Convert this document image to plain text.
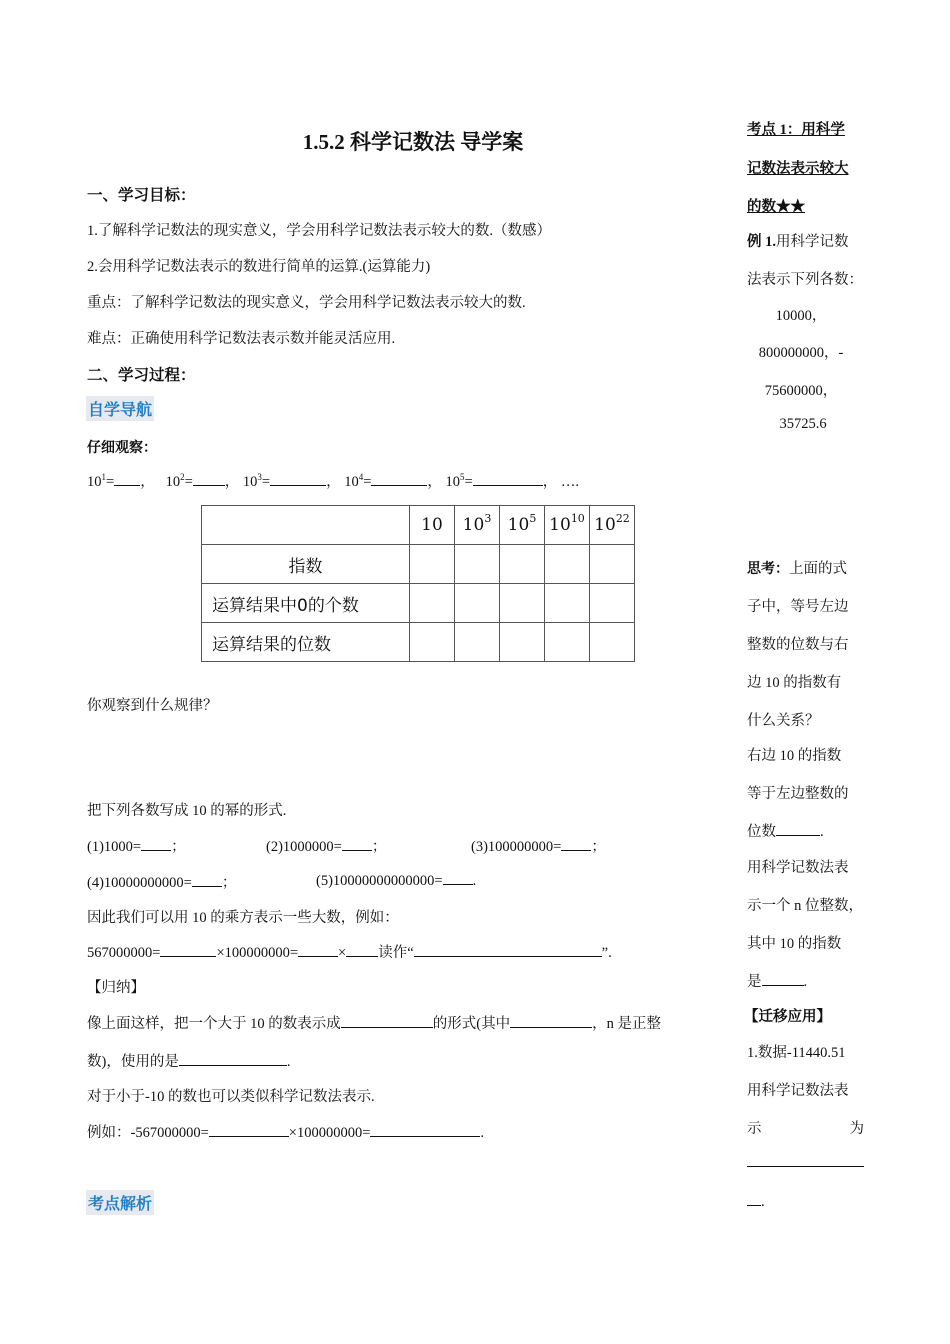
1.5.2 科学记数法 导学案
一、学习目标：
1.了解科学记数法的现实意义，学会用科学记数法表示较大的数.（数感）
2.会用科学记数法表示的数进行简单的运算.(运算能力)
重点：了解科学记数法的现实意义，学会用科学记数法表示较大的数.
难点：正确使用科学记数法表示数并能灵活应用.
二、学习过程：
自学导航
仔细观察：
$10^1=$ ， $10^2=$ ， $10^3=$	， $10^4=$	， $10^5=$	， ….
	10	$10^3$	$10^5$	$10^{10}$	$10^{22}$
指数					
运算结果中0的个数					
运算结果的位数					
你观察到什么规律？
把下列各数写成 10 的幂的形式.
(1)1000= ；	(2)1000000= ；	(3)100000000= ；
(4)10000000000= ；	(5)10000000000000= .
因此我们可以用 10 的乘方表示一些大数，例如：
567000000=	×100000000=	× 读作“	”.
【归纳】
像上面这样，把一个大于 10 的数表示成	的形式(其中	，n 是正整
数)，使用的是	.
对于小于-10 的数也可以类似科学记数法表示.
例如：-567000000=	×100000000=	.
考点解析
考点 1：用科学
记数法表示较大
的数★★
例 1.用科学记数
法表示下列各数：
10000，
800000000，-
75600000，
35725.6
思考：上面的式
子中，等号左边
整数的位数与右
边 10 的指数有
什么关系？
右边 10 的指数
等于左边整数的
位数	.
用科学记数法表
示一个 n 位整数，
其中 10 的指数
是	.
【迁移应用】
1.数据-11440.51
用科学记数法表
示	为
.
